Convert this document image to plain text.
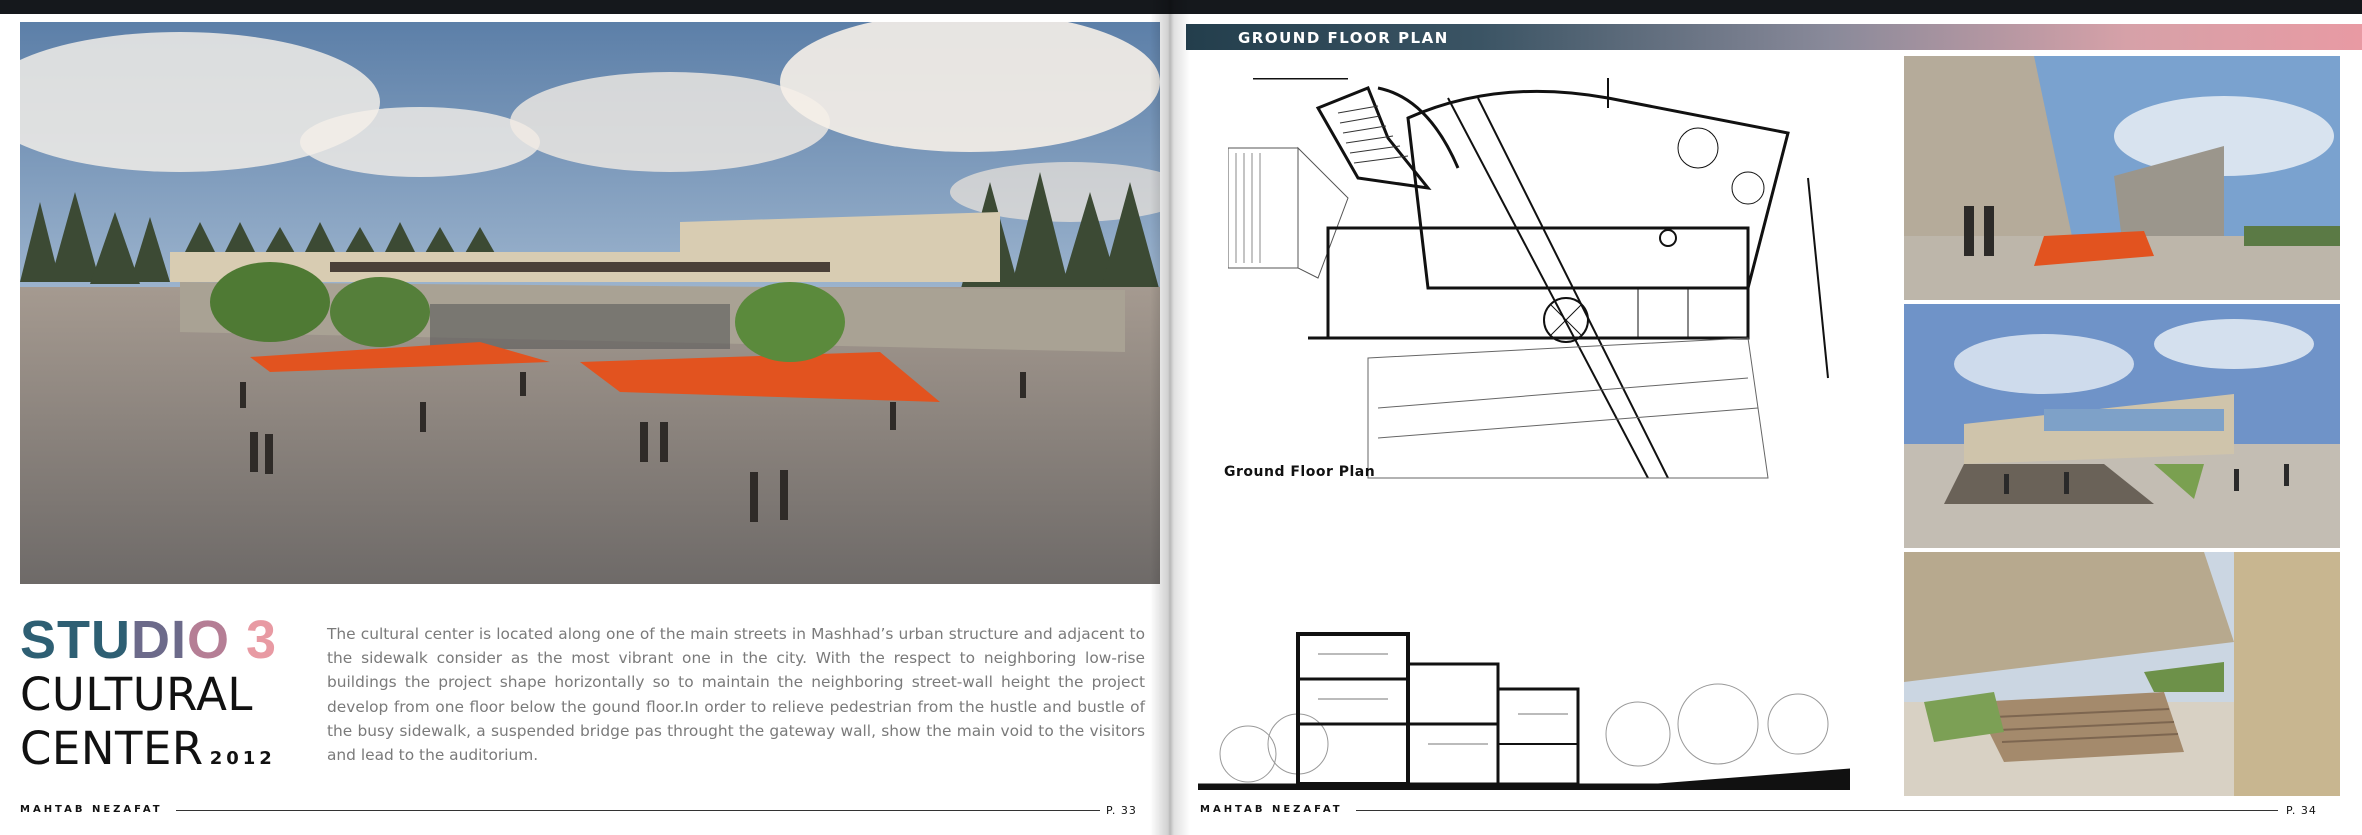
STUDIO 3
CULTURAL
CENTER 2012
The cultural center is located along one of the main streets in Mashhad’s urban structure and adjacent to the sidewalk consider as the most vibrant one in the city. With the respect to neighboring low-rise buildings the project shape horizontally so to maintain the neighboring street-wall height the project develop from one floor below the gound floor.In order to relieve pedestrian from the hustle and bustle of the busy sidewalk, a suspended bridge pas throught the gateway wall, show the main void to the visitors and lead to the auditorium.
MAHTAB NEZAFAT	P. 33
GROUND FLOOR PLAN
Ground Floor Plan
MAHTAB NEZAFAT	P. 34
